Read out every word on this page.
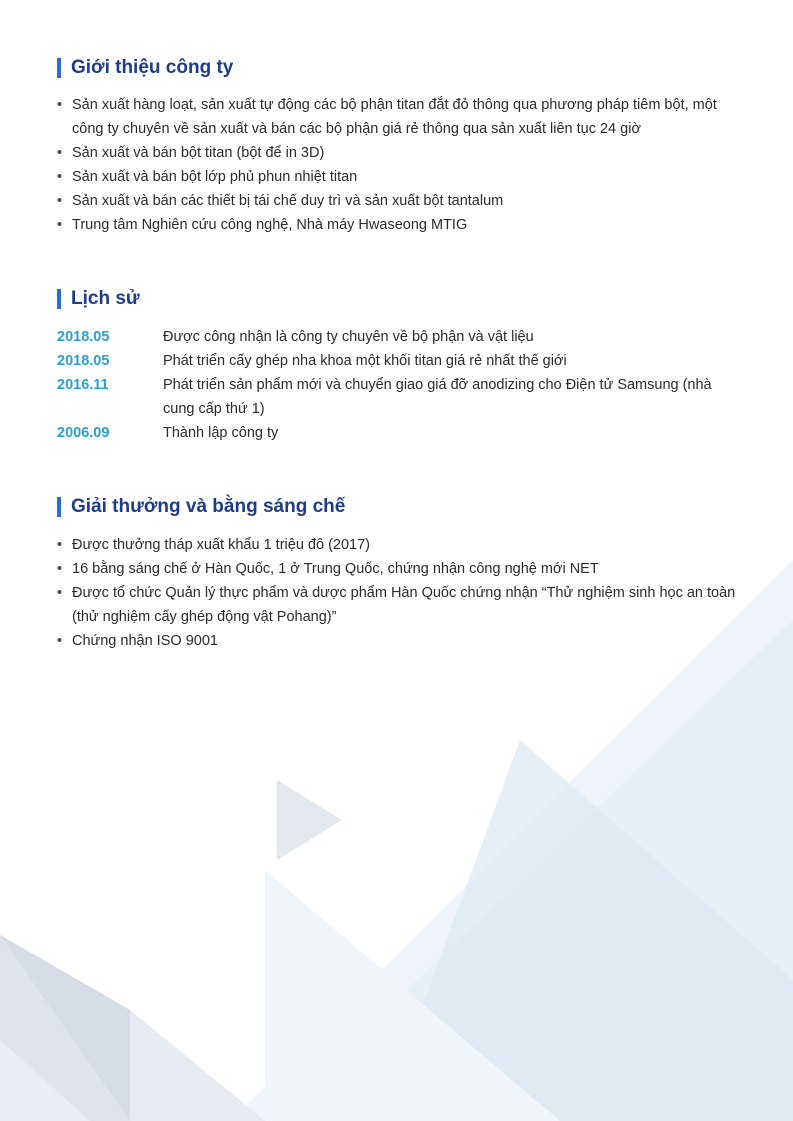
Giới thiệu công ty
• Sản xuất hàng loạt, sản xuất tự động các bộ phận titan đắt đỏ thông qua phương pháp tiêm bột, một công ty chuyên về sản xuất và bán các bộ phận giá rẻ thông qua sản xuất liên tục 24 giờ
• Sản xuất và bán bột titan (bột để in 3D)
• Sản xuất và bán bột lớp phủ phun nhiệt titan
• Sản xuất và bán các thiết bị tái chế duy trì và sản xuất bột tantalum
• Trung tâm Nghiên cứu công nghệ, Nhà máy Hwaseong MTIG
Lịch sử
2018.05	Được công nhận là công ty chuyên về bộ phận và vật liệu
2018.05	Phát triển cấy ghép nha khoa một khối titan giá rẻ nhất thế giới
2016.11	Phát triển sản phẩm mới và chuyển giao giá đỡ anodizing cho Điện tử Samsung (nhà cung cấp thứ 1)
2006.09	Thành lập công ty
Giải thưởng và bằng sáng chế
• Được thưởng tháp xuất khẩu 1 triệu đô (2017)
• 16 bằng sáng chế ở Hàn Quốc, 1 ở Trung Quốc, chứng nhận công nghệ mới NET
• Được tổ chức Quản lý thực phẩm và dược phẩm Hàn Quốc chứng nhận “Thử nghiệm sinh học an toàn (thử nghiệm cấy ghép động vật Pohang)”
• Chứng nhận ISO 9001
